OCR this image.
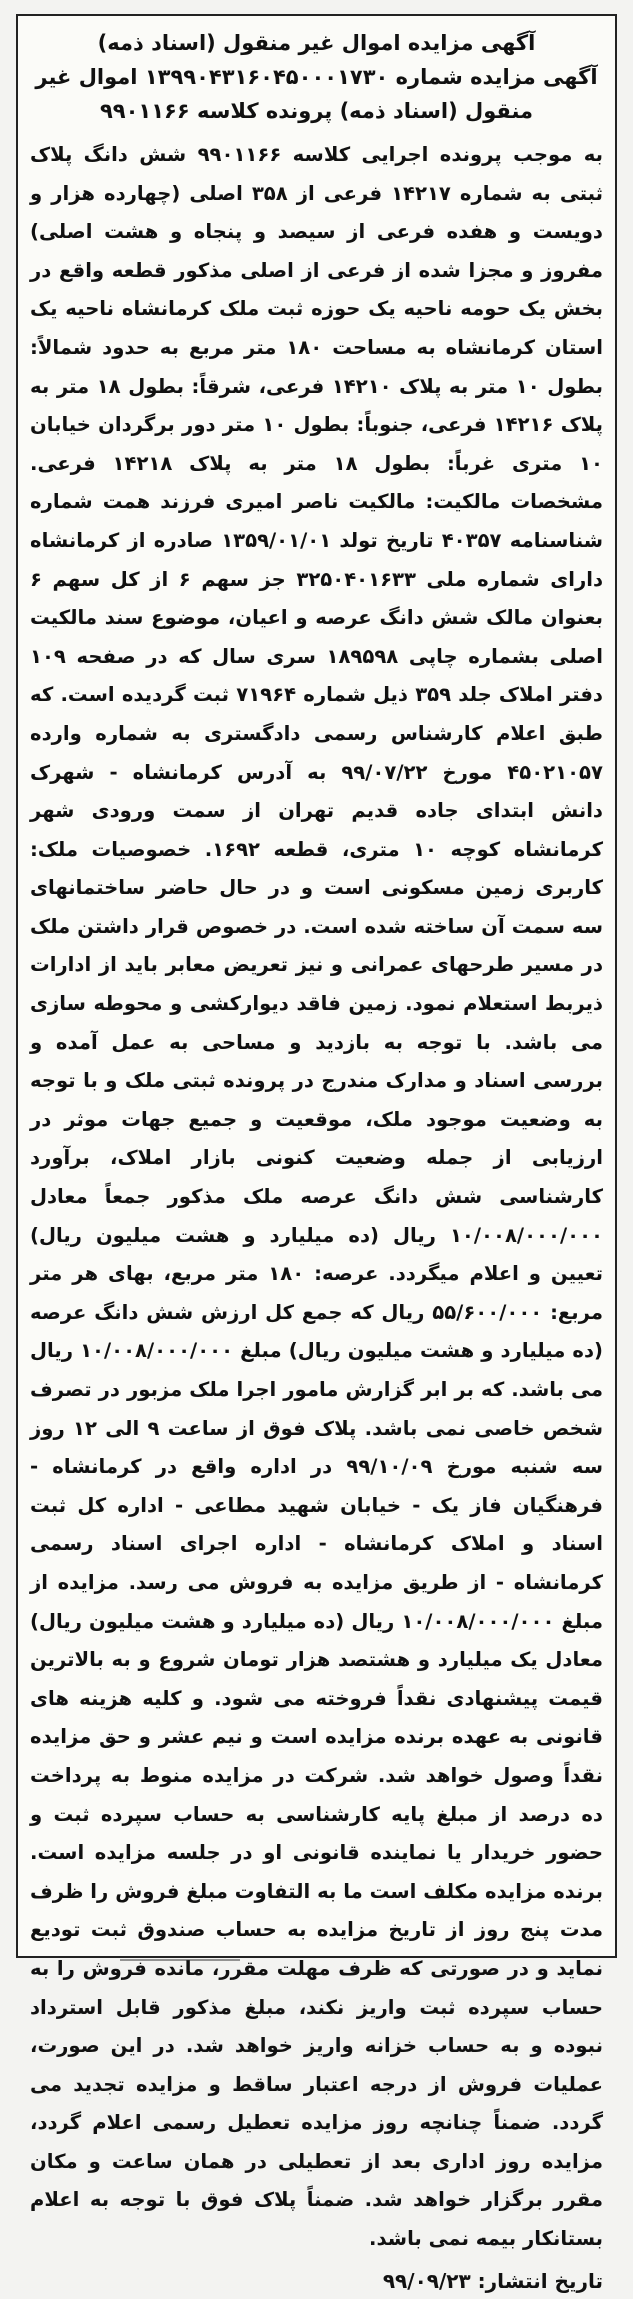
آگهی مزایده اموال غیر منقول (اسناد ذمه)
آگهی مزایده شماره ۱۳۹۹۰۴۳۱۶۰۴۵۰۰۰۱۷۳۰ اموال غیر منقول (اسناد ذمه) پرونده کلاسه ۹۹۰۱۱۶۶

به موجب پرونده اجرایی کلاسه ۹۹۰۱۱۶۶ شش دانگ پلاک ثبتی به شماره ۱۴۲۱۷ فرعی از ۳۵۸ اصلی (چهارده هزار و دویست و هفده فرعی از سیصد و پنجاه و هشت اصلی) مفروز و مجزا شده از فرعی از اصلی مذکور قطعه واقع در بخش یک حومه ناحیه یک حوزه ثبت ملک کرمانشاه ناحیه یک استان کرمانشاه به مساحت ۱۸۰ متر مربع به حدود شمالاً: بطول ۱۰ متر به پلاک ۱۴۲۱۰ فرعی، شرقاً: بطول ۱۸ متر به پلاک ۱۴۲۱۶ فرعی، جنوباً: بطول ۱۰ متر دور برگردان خیابان ۱۰ متری غرباً: بطول ۱۸ متر به پلاک ۱۴۲۱۸ فرعی. مشخصات مالکیت: مالکیت ناصر امیری فرزند همت شماره شناسنامه ۴۰۳۵۷ تاریخ تولد ۱۳۵۹/۰۱/۰۱ صادره از کرمانشاه دارای شماره ملی ۳۲۵۰۴۰۱۶۳۳ جز سهم ۶ از کل سهم ۶ بعنوان مالک شش دانگ عرصه و اعیان، موضوع سند مالکیت اصلی بشماره چاپی ۱۸۹۵۹۸ سری سال که در صفحه ۱۰۹ دفتر املاک جلد ۳۵۹ ذیل شماره ۷۱۹۶۴ ثبت گردیده است. که طبق اعلام کارشناس رسمی دادگستری به شماره وارده ۴۵۰۲۱۰۵۷ مورخ ۹۹/۰۷/۲۲ به آدرس کرمانشاه - شهرک دانش ابتدای جاده قدیم تهران از سمت ورودی شهر کرمانشاه کوچه ۱۰ متری، قطعه ۱۶۹۲. خصوصیات ملک: کاربری زمین مسکونی است و در حال حاضر ساختمانهای سه سمت آن ساخته شده است. در خصوص قرار داشتن ملک در مسیر طرحهای عمرانی و نیز تعریض معابر باید از ادارات ذیربط استعلام نمود. زمین فاقد دیوارکشی و محوطه سازی می باشد. با توجه به بازدید و مساحی به عمل آمده و بررسی اسناد و مدارک مندرج در پرونده ثبتی ملک و با توجه به وضعیت موجود ملک، موقعیت و جمیع جهات موثر در ارزیابی از جمله وضعیت کنونی بازار املاک، برآورد کارشناسی شش دانگ عرصه ملک مذکور جمعاً معادل ۱۰/۰۰۸/۰۰۰/۰۰۰ ریال (ده میلیارد و هشت میلیون ریال) تعیین و اعلام میگردد. عرصه: ۱۸۰ متر مربع، بهای هر متر مربع: ۵۵/۶۰۰/۰۰۰ ریال که جمع کل ارزش شش دانگ عرصه (ده میلیارد و هشت میلیون ریال) مبلغ ۱۰/۰۰۸/۰۰۰/۰۰۰ ریال می باشد. که بر ابر گزارش مامور اجرا ملک مزبور در تصرف شخص خاصی نمی باشد. پلاک فوق از ساعت ۹ الی ۱۲ روز سه شنبه مورخ ۹۹/۱۰/۰۹ در اداره واقع در کرمانشاه - فرهنگیان فاز یک - خیابان شهید مطاعی - اداره کل ثبت اسناد و املاک کرمانشاه - اداره اجرای اسناد رسمی کرمانشاه - از طریق مزایده به فروش می رسد. مزایده از مبلغ ۱۰/۰۰۸/۰۰۰/۰۰۰ ریال (ده میلیارد و هشت میلیون ریال) معادل یک میلیارد و هشتصد هزار تومان شروع و به بالاترین قیمت پیشنهادی نقداً فروخته می شود. و کلیه هزینه های قانونی به عهده برنده مزایده است و نیم عشر و حق مزایده نقداً وصول خواهد شد. شرکت در مزایده منوط به پرداخت ده درصد از مبلغ پایه کارشناسی به حساب سپرده ثبت و حضور خریدار یا نماینده قانونی او در جلسه مزایده است. برنده مزایده مکلف است ما به التفاوت مبلغ فروش را ظرف مدت پنج روز از تاریخ مزایده به حساب صندوق ثبت تودیع نماید و در صورتی که ظرف مهلت مقرر، مانده فروش را به حساب سپرده ثبت واریز نکند، مبلغ مذکور قابل استرداد نبوده و به حساب خزانه واریز خواهد شد. در این صورت، عملیات فروش از درجه اعتبار ساقط و مزایده تجدید می گردد. ضمناً چنانچه روز مزایده تعطیل رسمی اعلام گردد، مزایده روز اداری بعد از تعطیلی در همان ساعت و مکان مقرر برگزار خواهد شد. ضمناً پلاک فوق با توجه به اعلام بستانکار بیمه نمی باشد.

تاریخ انتشار: ۹۹/۰۹/۲۳
